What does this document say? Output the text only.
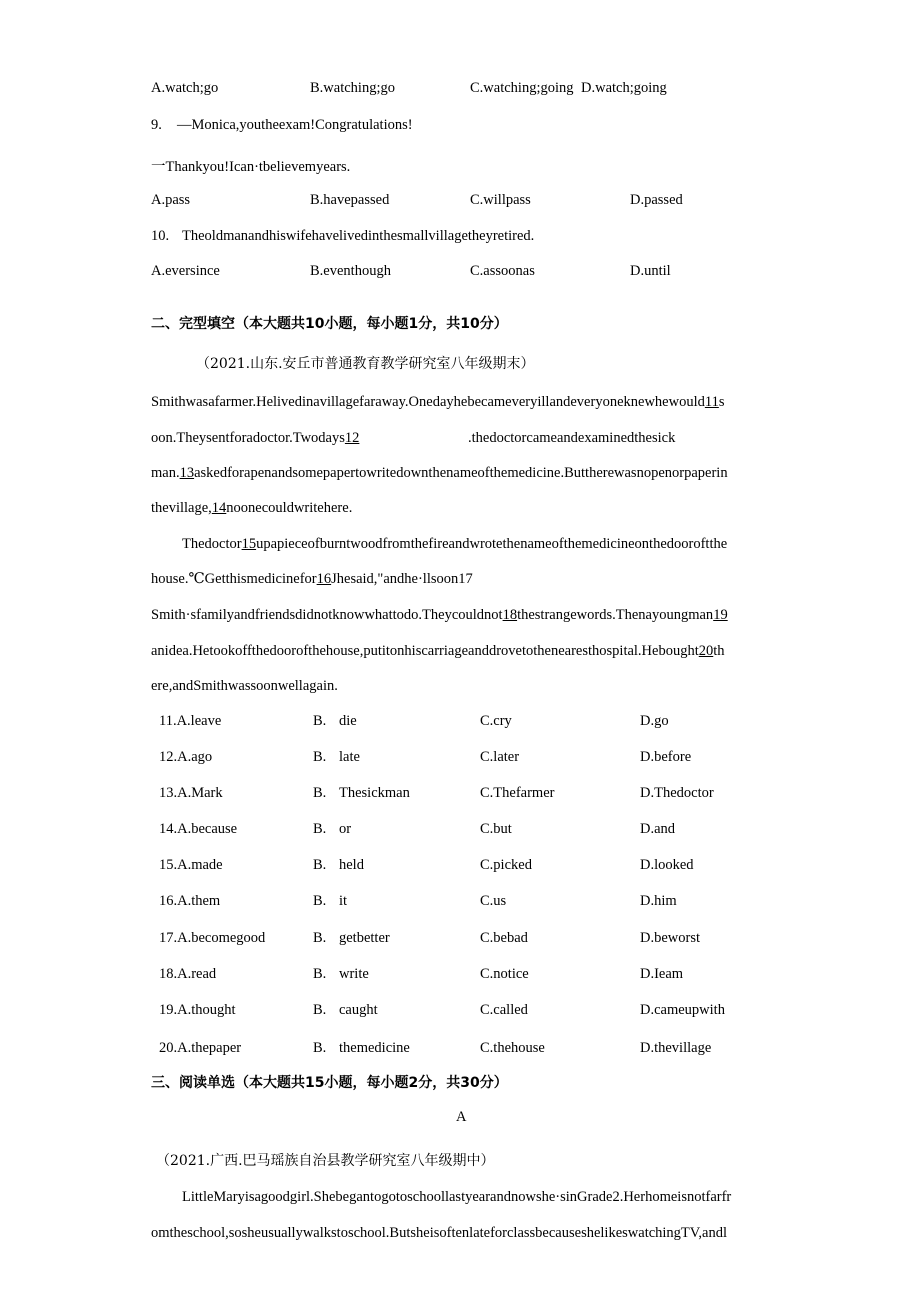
A.watch;go	B.watching;go	C.watching;going D.watch;going
9. —Monica,youtheexam!Congratulations!
一Thankyou!Ican·tbelievemyears.
A.pass	B.havepassed	C.willpass	D.passed
10. Theoldmanandhiswifehavelivedinthesmallvillagetheyretired.
A.eversince	B.eventhough	C.assoonas	D.until
二、完型填空（本大题共10小题，每小题1分，共10分）
（2021.山东.安丘市普通教育教学研究室八年级期末）
Smithwasafarmer.Helivedinavillagefaraway.Onedayhebecameveryillandeveryoneknewhewould11s
oon.Theysentforadoctor.Twodays12	.thedoctorcameandexaminedthesick
man.13askedforapenandsomepapertowritedownthenameofthemedicine.Buttherewasnopenorpaperin
thevillage,14noonecouldwritehere.
Thedoctor15upapieceofburntwoodfromthefireandwrotethenameofthemedicineonthedooroftthe
house.℃Getthismedicinefor16Jhesaid,"andhe·llsoon17
Smith·sfamilyandfriendsdidnotknowwhattodo.Theycouldnot18thestrangewords.Thenayoungman19
anidea.Hetookoffthedoorofthehouse,putitonhiscarriageanddrovetothenearesthospital.Hebought20th
ere,andSmithwassoonwellagain.
11.A.leave	B. die	C.cry	D.go
12.A.ago	B. late	C.later	D.before
13.A.Mark	B. Thesickman	C.Thefarmer	D.Thedoctor
14.A.because	B. or	C.but	D.and
15.A.made	B. held	C.picked	D.looked
16.A.them	B. it	C.us	D.him
17.A.becomegood	B. getbetter	C.bebad	D.beworst
18.A.read	B. write	C.notice	D.Ieam
19.A.thought	B. caught	C.called	D.cameupwith
20.A.thepaper	B. themedicine	C.thehouse	D.thevillage
三、阅读单选（本大题共15小题，每小题2分，共30分）
A
（2021.广西.巴马瑶族自治县教学研究室八年级期中）
LittleMaryisagoodgirl.Shebegantogotoschoollastyearandnowshe·sinGrade2.Herhomeisnotfarfr
omtheschool,sosheusuallywalkstoschool.ButsheisoftenlateforclassbecauseshelikeswatchingTV,andl
